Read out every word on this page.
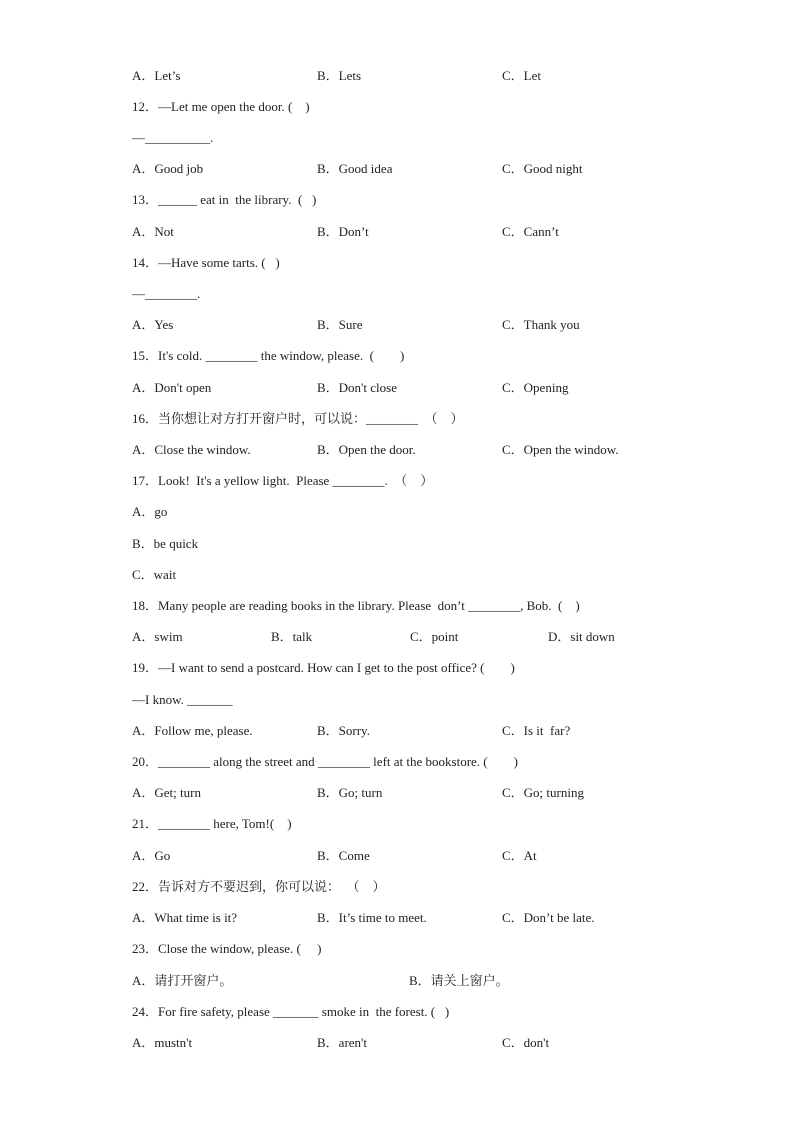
A．Let’s

	B．Lets

	C．Let

12．—Let me open the door. (    )
—__________.

A．Good job

	B．Good idea

	C．Good night

13．______ eat in  the library.  (   )

A．Not

	B．Don’t

	C．Cann’t

14．—Have some tarts. (   )
—________.

A．Yes

	B．Sure

	C．Thank you

15．It's cold. ________ the window, please.  (        )

A．Don't open

	B．Don't close

	C．Opening

16．当你想让对方打开窗户时，可以说：________  （    ）

A．Close the window.

	B．Open the door.

	C．Open the window.

17．Look!  It's a yellow light.  Please ________.  （    ）
A．go
B．be quick
C．wait
18．Many people are reading books in the library. Please  don’t ________, Bob.  (    )

A．swim

	B．talk

	C．point

	D．sit down

19．—I want to send a postcard. How can I get to the post office? (        )
—I know. _______

A．Follow me, please.

	B．Sorry.

	C．Is it  far?

20．________ along the street and ________ left at the bookstore. (        )

A．Get; turn

	B．Go; turn

	C．Go; turning

21．________ here, Tom!(    )

A．Go

	B．Come

	C．At

22．告诉对方不要迟到，你可以说：  （    ）

A．What time is it?

	B．It’s time to meet.

	C．Don’t be late.

23．Close the window, please. (     )

A．请打开窗户。

	B．请关上窗户。

24．For fire safety, please _______ smoke in  the forest. (   )

A．mustn't

	B．aren't

	C．don't
